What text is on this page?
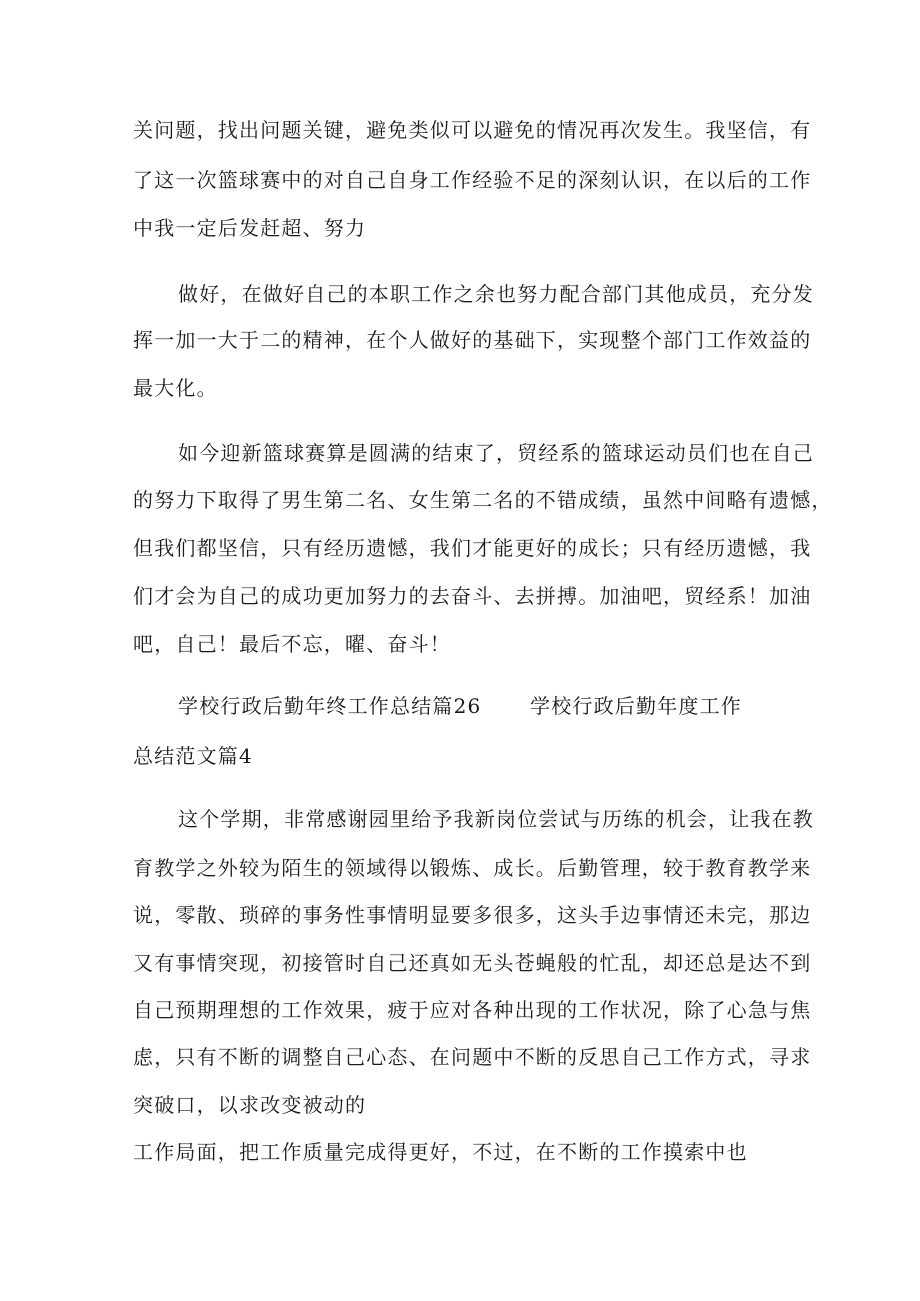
关问题，找出问题关键，避免类似可以避免的情况再次发生。我坚信，有
了这一次篮球赛中的对自己自身工作经验不足的深刻认识，在以后的工作
中我一定后发赶超、努力
做好，在做好自己的本职工作之余也努力配合部门其他成员，充分发
挥一加一大于二的精神，在个人做好的基础下，实现整个部门工作效益的
最大化。
如今迎新篮球赛算是圆满的结束了，贸经系的篮球运动员们也在自己
的努力下取得了男生第二名、女生第二名的不错成绩，虽然中间略有遗憾，
但我们都坚信，只有经历遗憾，我们才能更好的成长；只有经历遗憾，我
们才会为自己的成功更加努力的去奋斗、去拼搏。加油吧，贸经系！加油
吧，自己！最后不忘，曜、奋斗！
学校行政后勤年终工作总结篇26 学校行政后勤年度工作
总结范文篇4
这个学期，非常感谢园里给予我新岗位尝试与历练的机会，让我在教
育教学之外较为陌生的领域得以锻炼、成长。后勤管理，较于教育教学来
说，零散、琐碎的事务性事情明显要多很多，这头手边事情还未完，那边
又有事情突现，初接管时自己还真如无头苍蝇般的忙乱，却还总是达不到
自己预期理想的工作效果，疲于应对各种出现的工作状况，除了心急与焦
虑，只有不断的调整自己心态、在问题中不断的反思自己工作方式，寻求
突破口，以求改变被动的
工作局面，把工作质量完成得更好，不过，在不断的工作摸索中也
